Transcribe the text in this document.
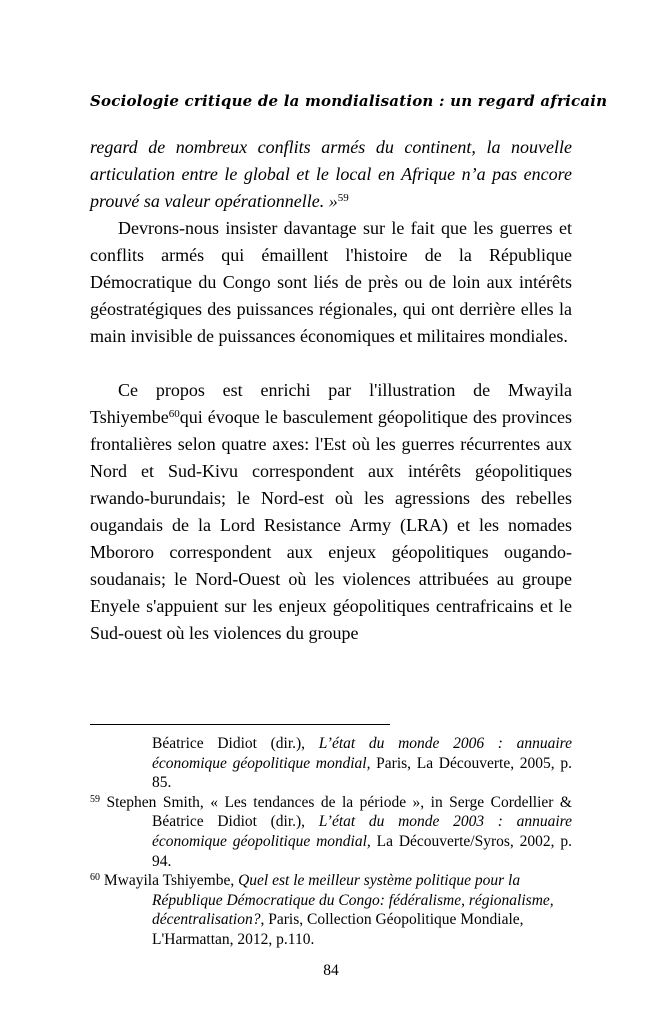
Sociologie critique de la mondialisation : un regard africain

regard de nombreux conflits armés du continent, la nouvelle articulation entre le global et le local en Afrique n’a pas encore prouvé sa valeur opérationnelle. »$^{59}$

Devrons-nous insister davantage sur le fait que les guerres et conflits armés qui émaillent l'histoire de la République Démocratique du Congo sont liés de près ou de loin aux intérêts géostratégiques des puissances régionales, qui ont derrière elles la main invisible de puissances économiques et militaires mondiales.

Ce propos est enrichi par l'illustration de Mwayila Tshiyembe$^{60}$qui évoque le basculement géopolitique des provinces frontalières selon quatre axes: l'Est où les guerres récurrentes aux Nord et Sud-Kivu correspondent aux intérêts géopolitiques rwando-burundais; le Nord-est où les agressions des rebelles ougandais de la Lord Resistance Army (LRA) et les nomades Mbororo correspondent aux enjeux géopolitiques ougando-soudanais; le Nord-Ouest où les violences attribuées au groupe Enyele s'appuient sur les enjeux géopolitiques centrafricains et le Sud-ouest où les violences du groupe

Béatrice Didiot (dir.), L’état du monde 2006 : annuaire économique géopolitique mondial, Paris, La Découverte, 2005, p. 85.
$^{59}$ Stephen Smith, « Les tendances de la période », in Serge Cordellier & Béatrice Didiot (dir.), L’état du monde 2003 : annuaire économique géopolitique mondial, La Découverte/Syros, 2002, p. 94.
$^{60}$ Mwayila Tshiyembe, Quel est le meilleur système politique pour la République Démocratique du Congo: fédéralisme, régionalisme, décentralisation?, Paris, Collection Géopolitique Mondiale, L'Harmattan, 2012, p.110.
84
